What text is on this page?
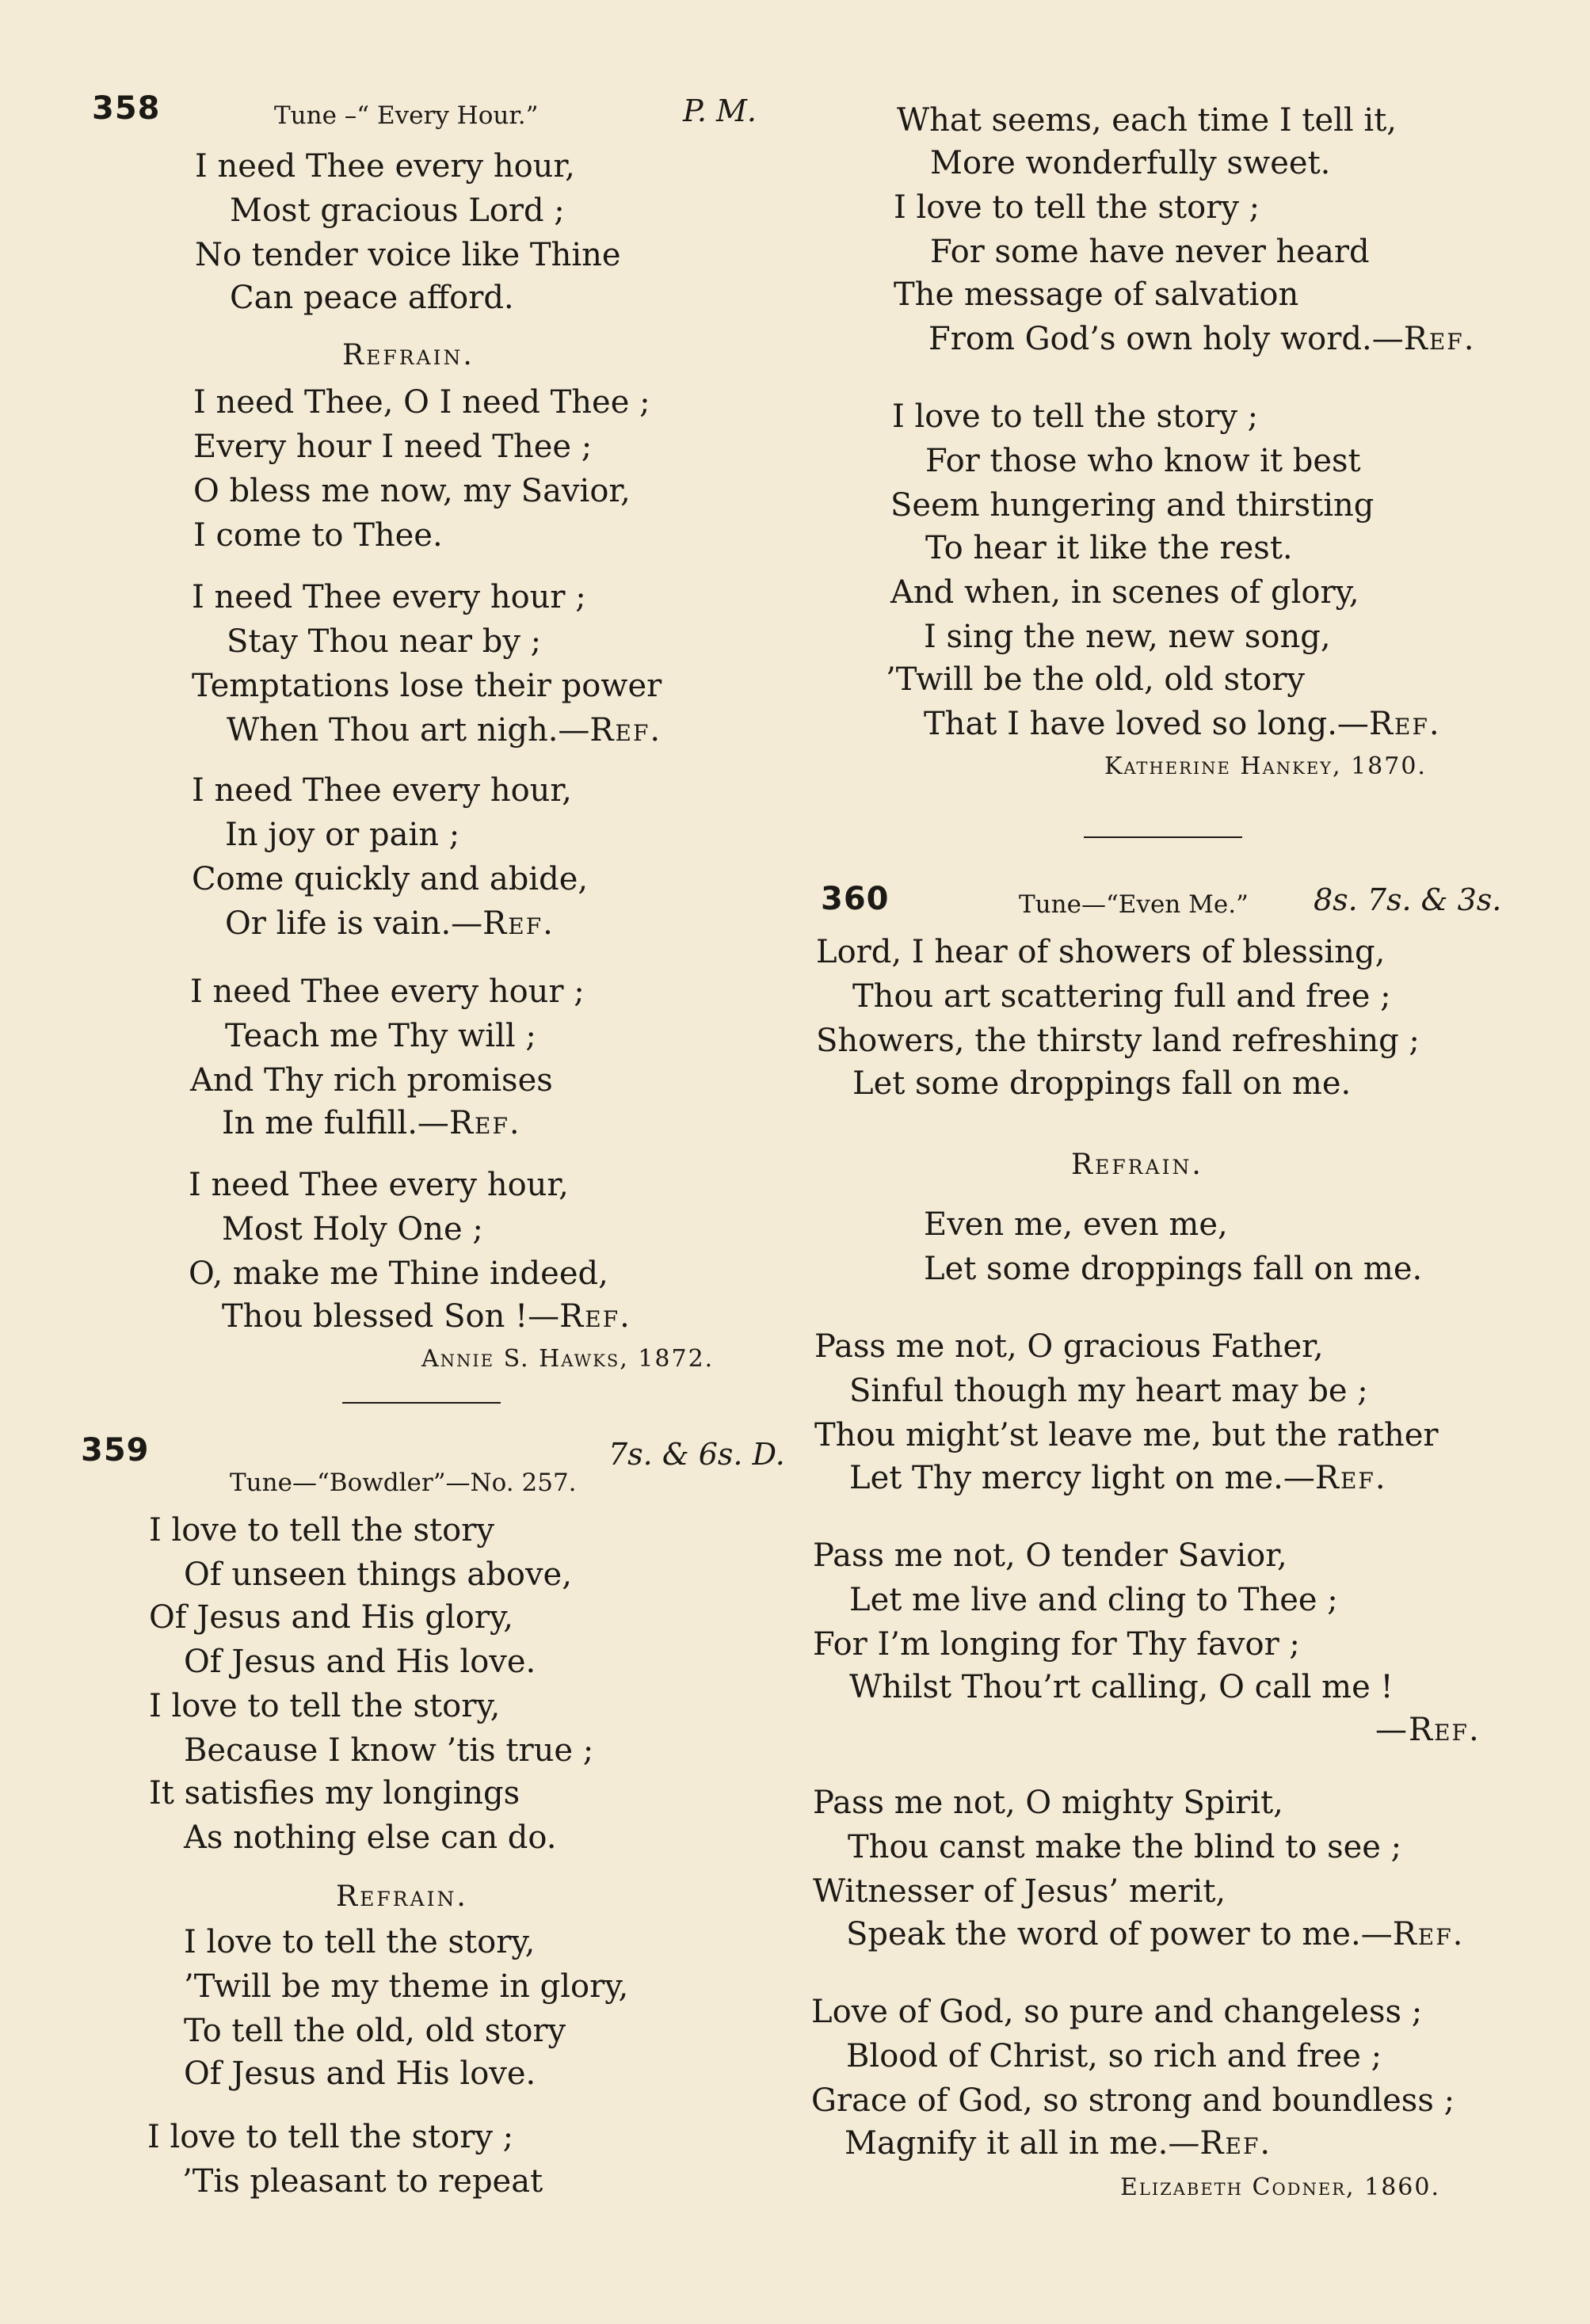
358	Tune –“ Every Hour.”	P. M.
I need Thee every hour,
Most gracious Lord ;
No tender voice like Thine
Can peace afford.
Refrain.
I need Thee, O I need Thee ;
Every hour I need Thee ;
O bless me now, my Savior,
I come to Thee.
I need Thee every hour ;
Stay Thou near by ;
Temptations lose their power
When Thou art nigh.—Ref.
I need Thee every hour,
In joy or pain ;
Come quickly and abide,
Or life is vain.—Ref.
I need Thee every hour ;
Teach me Thy will ;
And Thy rich promises
In me fulfill.—Ref.
I need Thee every hour,
Most Holy One ;
O, make me Thine indeed,
Thou blessed Son !—Ref.
Annie S. Hawks, 1872.
359	7s. & 6s. D.
Tune—“Bowdler”—No. 257.
I love to tell the story
Of unseen things above,
Of Jesus and His glory,
Of Jesus and His love.
I love to tell the story,
Because I know ’tis true ;
It satisfies my longings
As nothing else can do.
Refrain.
I love to tell the story,
’Twill be my theme in glory,
To tell the old, old story
Of Jesus and His love.
I love to tell the story ;
’Tis pleasant to repeat
What seems, each time I tell it,
More wonderfully sweet.
I love to tell the story ;
For some have never heard
The message of salvation
From God’s own holy word.—Ref.
I love to tell the story ;
For those who know it best
Seem hungering and thirsting
To hear it like the rest.
And when, in scenes of glory,
I sing the new, new song,
’Twill be the old, old story
That I have loved so long.—Ref.
Katherine Hankey, 1870.
360	Tune—“Even Me.” 8s. 7s. & 3s.
Lord, I hear of showers of blessing,
Thou art scattering full and free ;
Showers, the thirsty land refreshing ;
Let some droppings fall on me.
Refrain.
Even me, even me,
Let some droppings fall on me.
Pass me not, O gracious Father,
Sinful though my heart may be ;
Thou might’st leave me, but the rather
Let Thy mercy light on me.—Ref.
Pass me not, O tender Savior,
Let me live and cling to Thee ;
For I’m longing for Thy favor ;
Whilst Thou’rt calling, O call me !
—Ref.
Pass me not, O mighty Spirit,
Thou canst make the blind to see ;
Witnesser of Jesus’ merit,
Speak the word of power to me.—Ref.
Love of God, so pure and changeless ;
Blood of Christ, so rich and free ;
Grace of God, so strong and boundless ;
Magnify it all in me.—Ref.
Elizabeth Codner, 1860.
